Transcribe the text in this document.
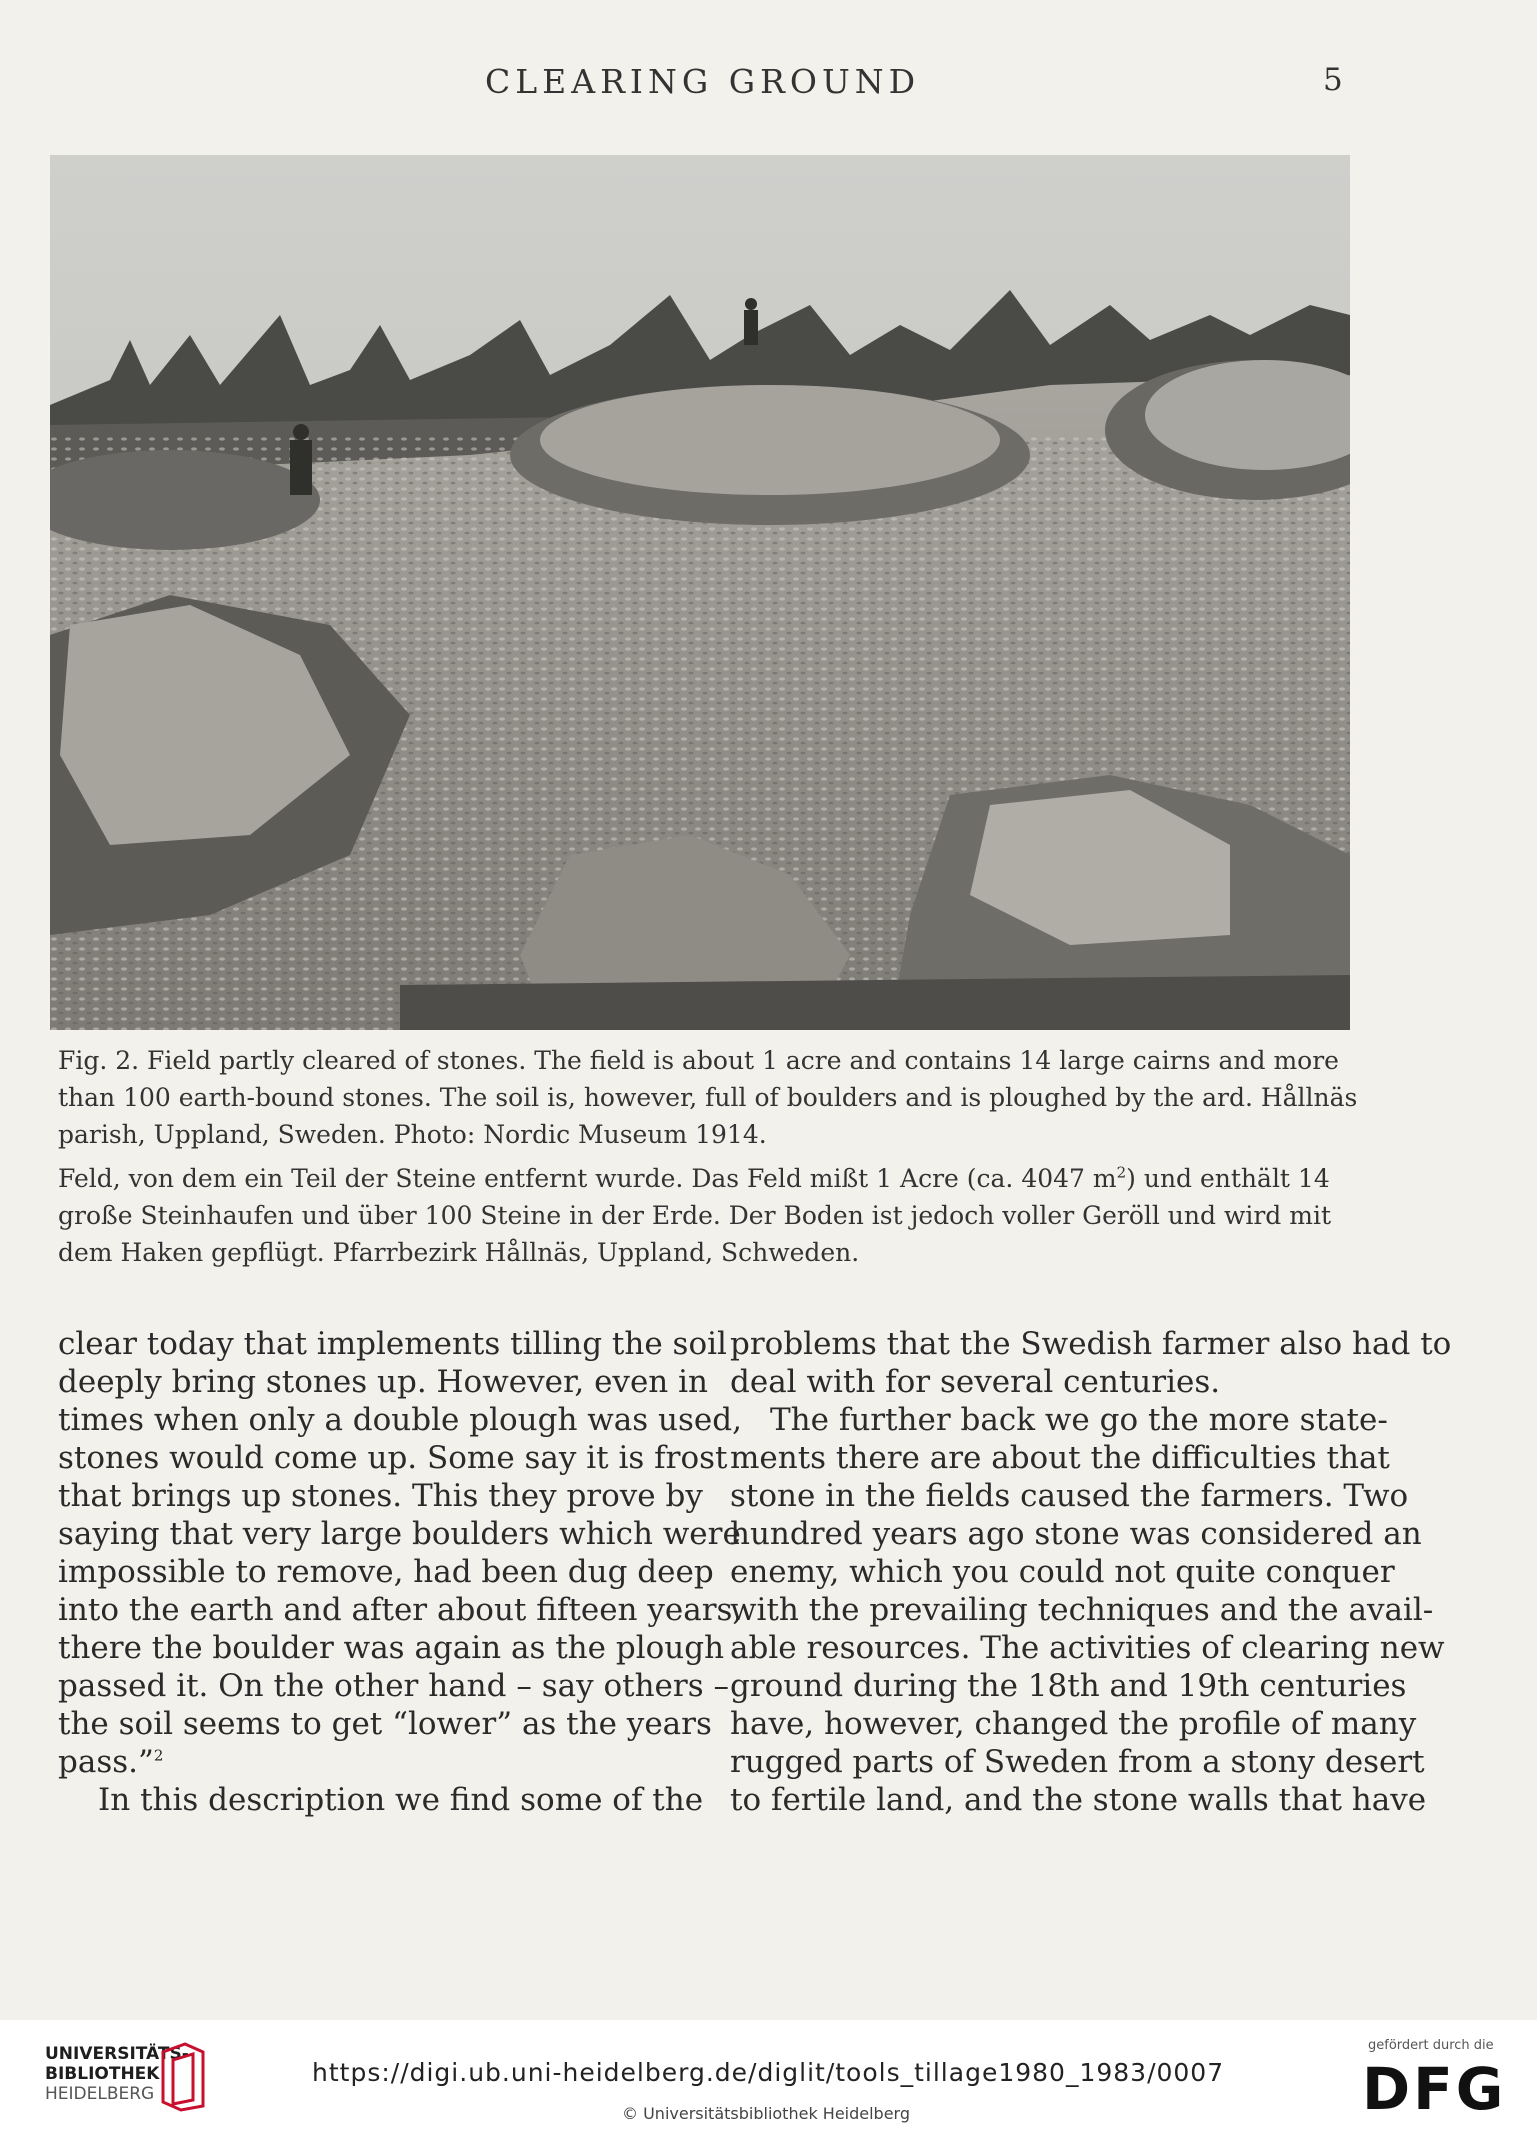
CLEARING GROUND	5
Fig. 2. Field partly cleared of stones. The field is about 1 acre and contains 14 large cairns and more
than 100 earth-bound stones. The soil is, however, full of boulders and is ploughed by the ard. Hållnäs
parish, Uppland, Sweden. Photo: Nordic Museum 1914.
Feld, von dem ein Teil der Steine entfernt wurde. Das Feld mißt 1 Acre (ca. 4047 $m^2$) und enthält 14
große Steinhaufen und über 100 Steine in der Erde. Der Boden ist jedoch voller Geröll und wird mit
dem Haken gepflügt. Pfarrbezirk Hållnäs, Uppland, Schweden.
clear today that implements tilling the soil
deeply bring stones up. However, even in
times when only a double plough was used,
stones would come up. Some say it is frost
that brings up stones. This they prove by
saying that very large boulders which were
impossible to remove, had been dug deep
into the earth and after about fifteen years,
there the boulder was again as the plough
passed it. On the other hand – say others –
the soil seems to get “lower” as the years
pass.”$^2$
In this description we find some of the
problems that the Swedish farmer also had to
deal with for several centuries.
The further back we go the more state-
ments there are about the difficulties that
stone in the fields caused the farmers. Two
hundred years ago stone was considered an
enemy, which you could not quite conquer
with the prevailing techniques and the avail-
able resources. The activities of clearing new
ground during the 18th and 19th centuries
have, however, changed the profile of many
rugged parts of Sweden from a stony desert
to fertile land, and the stone walls that have
UNIVERSITÄTS-
BIBLIOTHEK
HEIDELBERG
https://digi.ub.uni-heidelberg.de/diglit/tools_tillage1980_1983/0007
© Universitätsbibliothek Heidelberg
gefördert durch die
DFG
